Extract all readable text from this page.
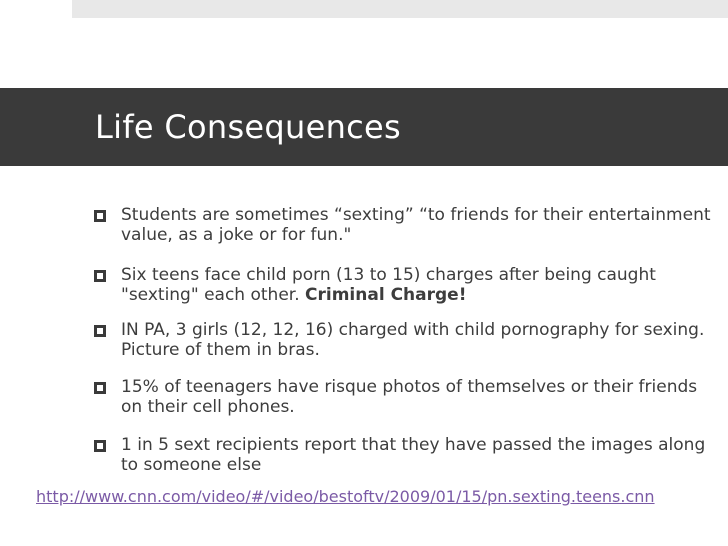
Life Consequences
Students are sometimes “sexting” “to friends for their entertainment value, as a joke or for fun."
Six teens face child porn (13 to 15) charges after being caught "sexting" each other. Criminal Charge!
IN PA, 3 girls (12, 12, 16) charged with child pornography for sexing. Picture of them in bras.
15% of teenagers have risque photos of themselves or their friends on their cell phones.
1 in 5 sext recipients report that they have passed the images along to someone else
http://www.cnn.com/video/#/video/bestoftv/2009/01/15/pn.sexting.teens.cnn
